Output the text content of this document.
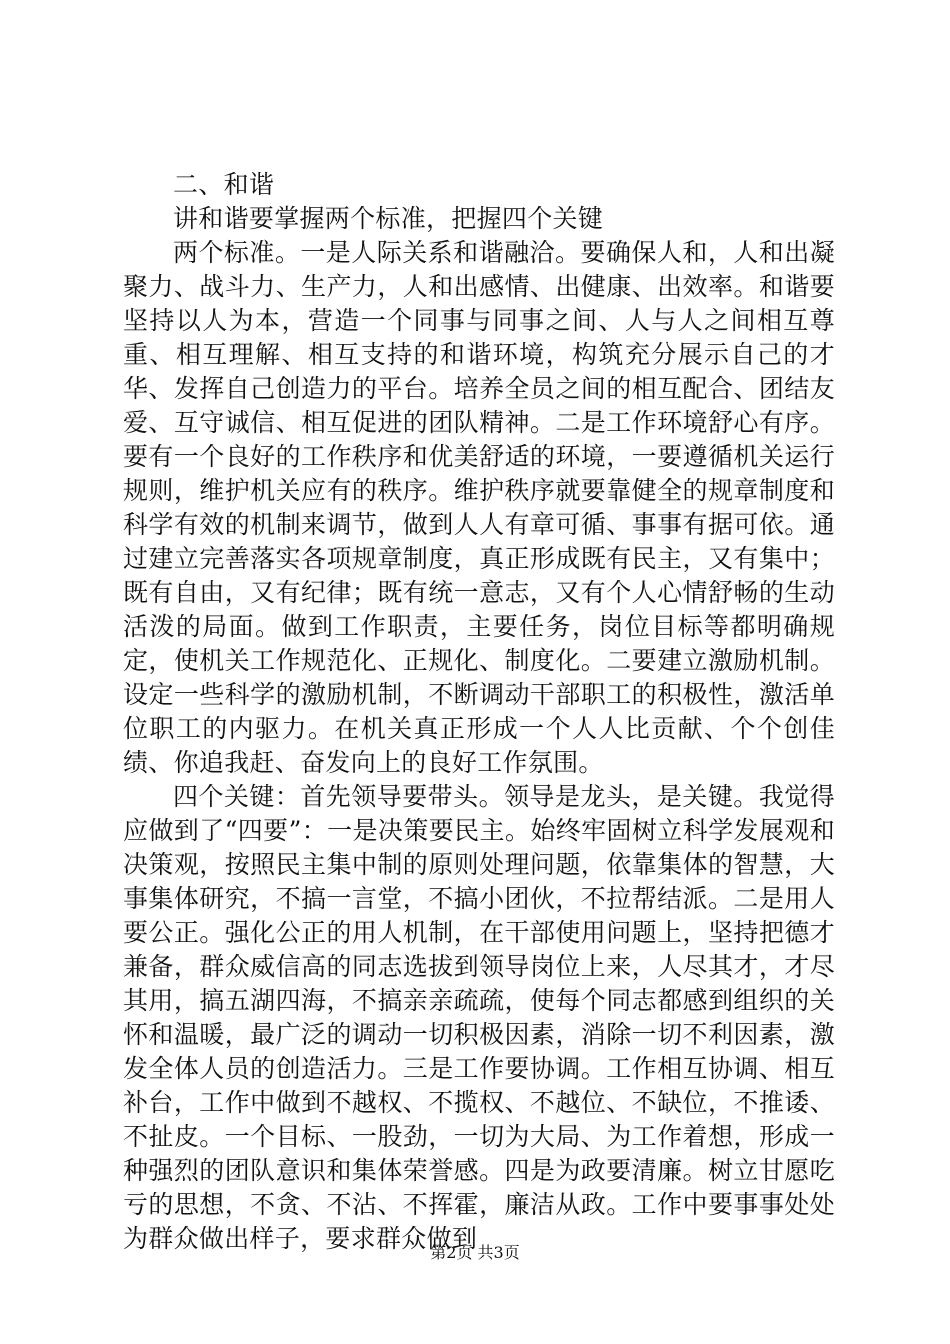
二、和谐

讲和谐要掌握两个标准，把握四个关键

两个标准。一是人际关系和谐融洽。要确保人和，人和出凝聚力、战斗力、生产力，人和出感情、出健康、出效率。和谐要坚持以人为本，营造一个同事与同事之间、人与人之间相互尊重、相互理解、相互支持的和谐环境，构筑充分展示自己的才华、发挥自己创造力的平台。培养全员之间的相互配合、团结友爱、互守诚信、相互促进的团队精神。二是工作环境舒心有序。要有一个良好的工作秩序和优美舒适的环境，一要遵循机关运行规则，维护机关应有的秩序。维护秩序就要靠健全的规章制度和科学有效的机制来调节，做到人人有章可循、事事有据可依。通过建立完善落实各项规章制度，真正形成既有民主，又有集中；既有自由，又有纪律；既有统一意志，又有个人心情舒畅的生动活泼的局面。做到工作职责，主要任务，岗位目标等都明确规定，使机关工作规范化、正规化、制度化。二要建立激励机制。设定一些科学的激励机制，不断调动干部职工的积极性，激活单位职工的内驱力。在机关真正形成一个人人比贡献、个个创佳绩、你追我赶、奋发向上的良好工作氛围。

四个关键：首先领导要带头。领导是龙头，是关键。我觉得应做到了“四要”：一是决策要民主。始终牢固树立科学发展观和决策观，按照民主集中制的原则处理问题，依靠集体的智慧，大事集体研究，不搞一言堂，不搞小团伙，不拉帮结派。二是用人要公正。强化公正的用人机制，在干部使用问题上，坚持把德才兼备，群众威信高的同志选拔到领导岗位上来，人尽其才，才尽其用，搞五湖四海，不搞亲亲疏疏，使每个同志都感到组织的关怀和温暖，最广泛的调动一切积极因素，消除一切不利因素，激发全体人员的创造活力。三是工作要协调。工作相互协调、相互补台，工作中做到不越权、不揽权、不越位、不缺位，不推诿、不扯皮。一个目标、一股劲，一切为大局、为工作着想，形成一种强烈的团队意识和集体荣誉感。四是为政要清廉。树立甘愿吃亏的思想，不贪、不沾、不挥霍，廉洁从政。工作中要事事处处为群众做出样子，要求群众做到

第2页 共3页
